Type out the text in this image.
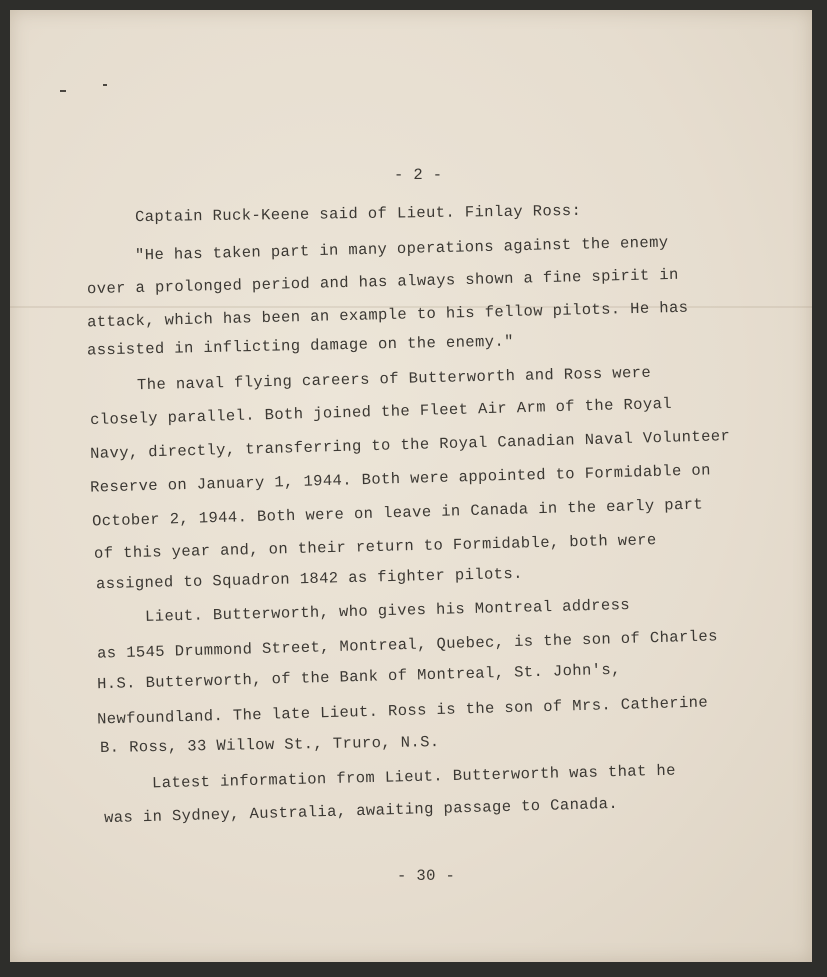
- 2 -
Captain Ruck-Keene said of Lieut. Finlay Ross:
"He has taken part in many operations against the enemy
over a prolonged period and has always shown a fine spirit in
attack, which has been an example to his fellow pilots. He has
assisted in inflicting damage on the enemy."
The naval flying careers of Butterworth and Ross were
closely parallel. Both joined the Fleet Air Arm of the Royal
Navy, directly, transferring to the Royal Canadian Naval Volunteer
Reserve on January 1, 1944. Both were appointed to Formidable on
October 2, 1944. Both were on leave in Canada in the early part
of this year and, on their return to Formidable, both were
assigned to Squadron 1842 as fighter pilots.
Lieut. Butterworth, who gives his Montreal address
as 1545 Drummond Street, Montreal, Quebec, is the son of Charles
H.S. Butterworth, of the Bank of Montreal, St. John's,
Newfoundland. The late Lieut. Ross is the son of Mrs. Catherine
B. Ross, 33 Willow St., Truro, N.S.
Latest information from Lieut. Butterworth was that he
was in Sydney, Australia, awaiting passage to Canada.
- 30 -
